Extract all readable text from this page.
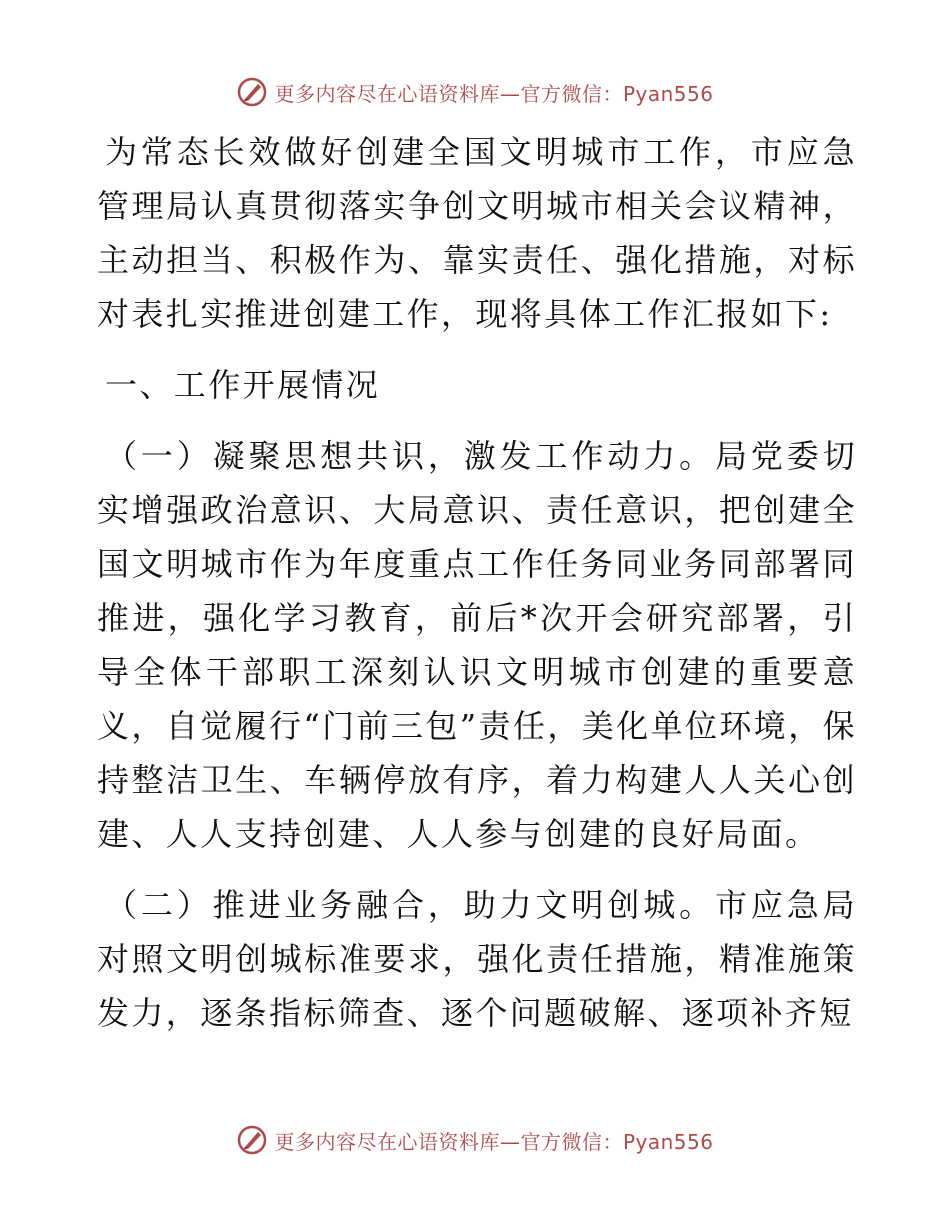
更多内容尽在心语资料库—官方微信：Pyan556

为常态长效做好创建全国文明城市工作，市应急管理局认真贯彻落实争创文明城市相关会议精神，主动担当、积极作为、靠实责任、强化措施，对标对表扎实推进创建工作，现将具体工作汇报如下:

一、工作开展情况

（一）凝聚思想共识，激发工作动力。局党委切实增强政治意识、大局意识、责任意识，把创建全国文明城市作为年度重点工作任务同业务同部署同推进，强化学习教育，前后*次开会研究部署，引导全体干部职工深刻认识文明城市创建的重要意义，自觉履行“门前三包”责任，美化单位环境，保持整洁卫生、车辆停放有序，着力构建人人关心创建、人人支持创建、人人参与创建的良好局面。

（二）推进业务融合，助力文明创城。市应急局对照文明创城标准要求，强化责任措施，精准施策发力，逐条指标筛查、逐个问题破解、逐项补齐短

更多内容尽在心语资料库—官方微信：Pyan556
